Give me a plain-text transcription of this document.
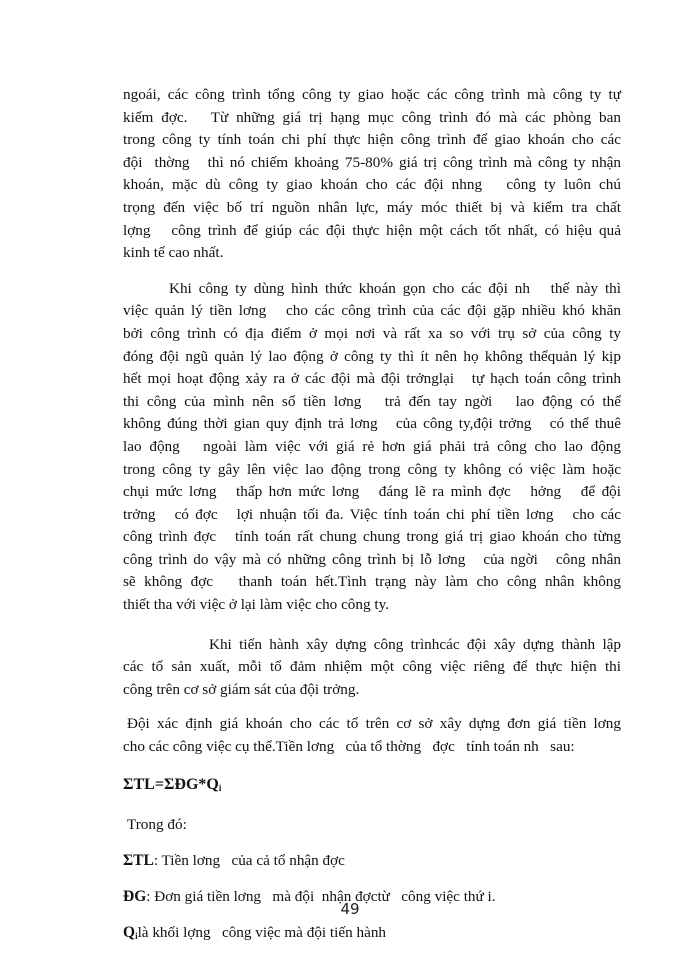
ngoái, các công trình tổng công ty giao hoặc các công trình mà công ty tự
kiếm đợc.   Từ những giá trị hạng mục công trình đó mà các phòng ban
trong công ty tính toán chi phí thực hiện công trình để giao khoán cho các
đội  thờng   thì nó chiếm khoảng 75-80% giá trị công trình mà công ty nhận
khoán, mặc dù công ty giao khoán cho các đội nhng   công ty luôn chú
trọng đến việc bố trí nguồn nhân lực, máy móc thiết bị và kiểm tra chất
lợng   công trình để giúp các đội thực hiện một cách tốt nhất, có hiệu quả
kinh tế cao nhất.
Khi công ty dùng hình thức khoán gọn cho các đội nh   thế này thì
việc quản lý tiền lơng   cho các công trình của các đội gặp nhiều khó khăn
bởi công trình có địa điểm ở mọi nơi và rất xa so với trụ sở của công ty
đóng đội ngũ quản lý lao động ở công ty thì ít nên họ không thểquản lý kịp
hết mọi hoạt động xảy ra ở các đội mà đội trởnglại   tự hạch toán công trình
thi công của mình nên số tiền lơng   trả đến tay ngời   lao động có thể
không đúng thời gian quy định trả lơng   của công ty,đội trởng   có thể thuê
lao động   ngoài làm việc với giá rẻ hơn giá phải trả công cho lao động
trong công ty gây lên việc lao động trong công ty không có việc làm hoặc
chụi mức lơng   thấp hơn mức lơng   đáng lẽ ra mình đợc   hởng   để đội
trởng   có đợc   lợi nhuận tối đa. Việc tính toán chi phí tiền lơng   cho các
công trình đợc   tính toán rất chung chung trong giá trị giao khoán cho từng
công trình do vậy mà có những công trình bị lỗ lơng   của ngời   công nhân
sẽ không đợc   thanh toán hết.Tình trạng này làm cho công nhân không
thiết tha với việc ở lại làm việc cho công ty.
Khi tiến hành xây dựng công trìnhcác đội xây dựng thành lập
các tổ sản xuất, mỗi tổ đảm nhiệm một công việc riêng để thực hiện thi
công trên cơ sở giám sát của đội trởng.
Đội xác định giá khoán cho các tổ trên cơ sở xây dựng đơn giá tiền lơng
cho các công việc cụ thể.Tiền lơng   của tổ thờng   đợc   tính toán nh   sau:
$\Sigma TL=\Sigma ĐG*Q_i$
Trong đó:
ΣTL: Tiền lơng   của cả tổ nhận đợc
ĐG: Đơn giá tiền lơng   mà đội  nhận đợctừ   công việc thứ i.
$Q_ilà$ khối lợng   công việc mà đội tiến hành
49
